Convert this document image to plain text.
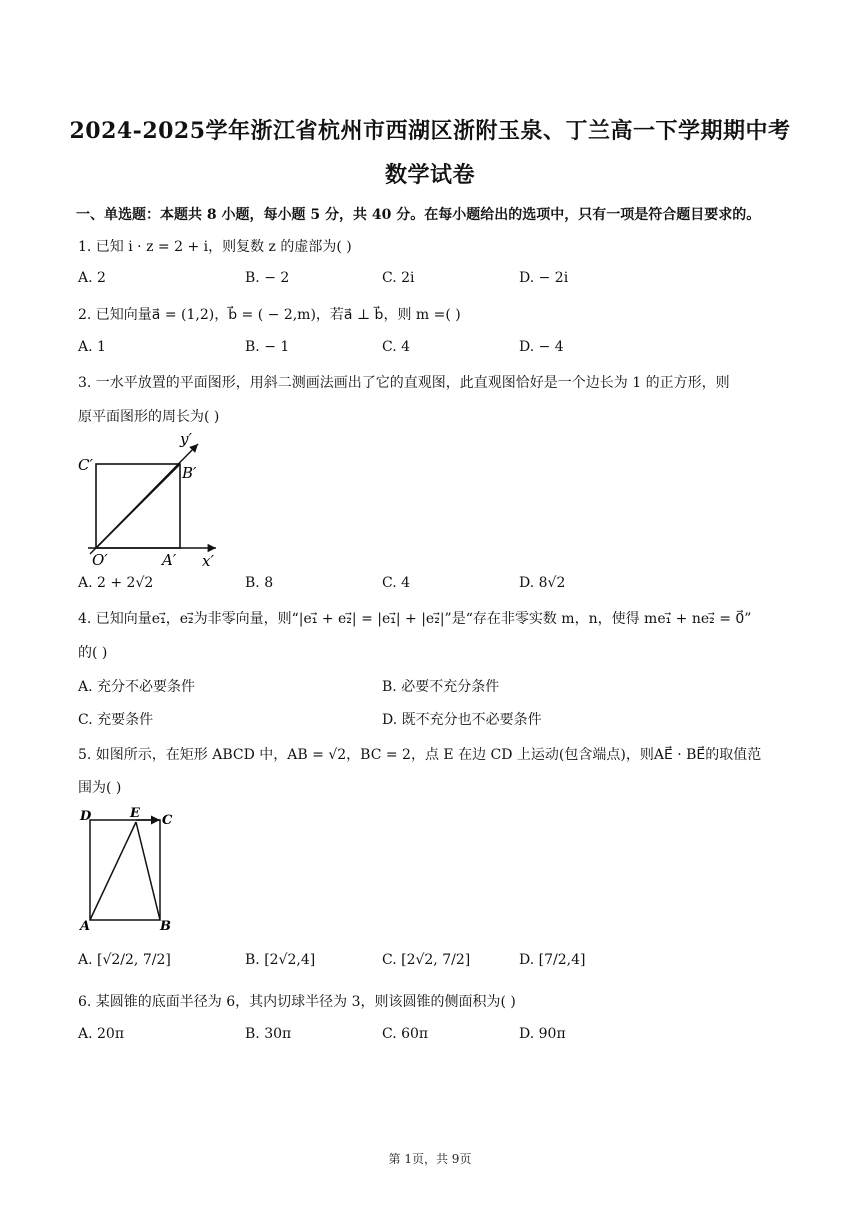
2024-2025学年浙江省杭州市西湖区浙附玉泉、丁兰高一下学期期中考
数学试卷
一、单选题：本题共 8 小题，每小题 5 分，共 40 分。在每小题给出的选项中，只有一项是符合题目要求的。
1. 已知 i · z = 2 + i，则复数 z 的虚部为( )
A. 2	B. − 2	C. 2i	D. − 2i
2. 已知向量a⃗ = (1,2)，b⃗ = ( − 2,m)，若a⃗ ⊥ b⃗，则 m =( )
A. 1	B. − 1	C. 4	D. − 4
3. 一水平放置的平面图形，用斜二测画法画出了它的直观图，此直观图恰好是一个边长为 1 的正方形，则
原平面图形的周长为( )
C′	B′
y′
O′	A′ x′
A. 2 + 2√2	B. 8	C. 4	D. 8√2
4. 已知向量e₁⃗，e₂⃗为非零向量，则“|e₁⃗ + e₂⃗| = |e₁⃗| + |e₂⃗|”是“存在非零实数 m，n，使得 me₁⃗ + ne₂⃗ = 0⃗”
的( )
A. 充分不必要条件	B. 必要不充分条件
C. 充要条件	D. 既不充分也不必要条件
5. 如图所示，在矩形 ABCD 中，AB = √2，BC = 2，点 E 在边 CD 上运动(包含端点)，则AE⃗ · BE⃗的取值范
围为( )
D	E C
A	B
A. [√2/2, 7/2]	B. [2√2,4]	C. [2√2, 7/2]	D. [7/2,4]
6. 某圆锥的底面半径为 6，其内切球半径为 3，则该圆锥的侧面积为( )
A. 20π	B. 30π	C. 60π	D. 90π
第 1页，共 9页
